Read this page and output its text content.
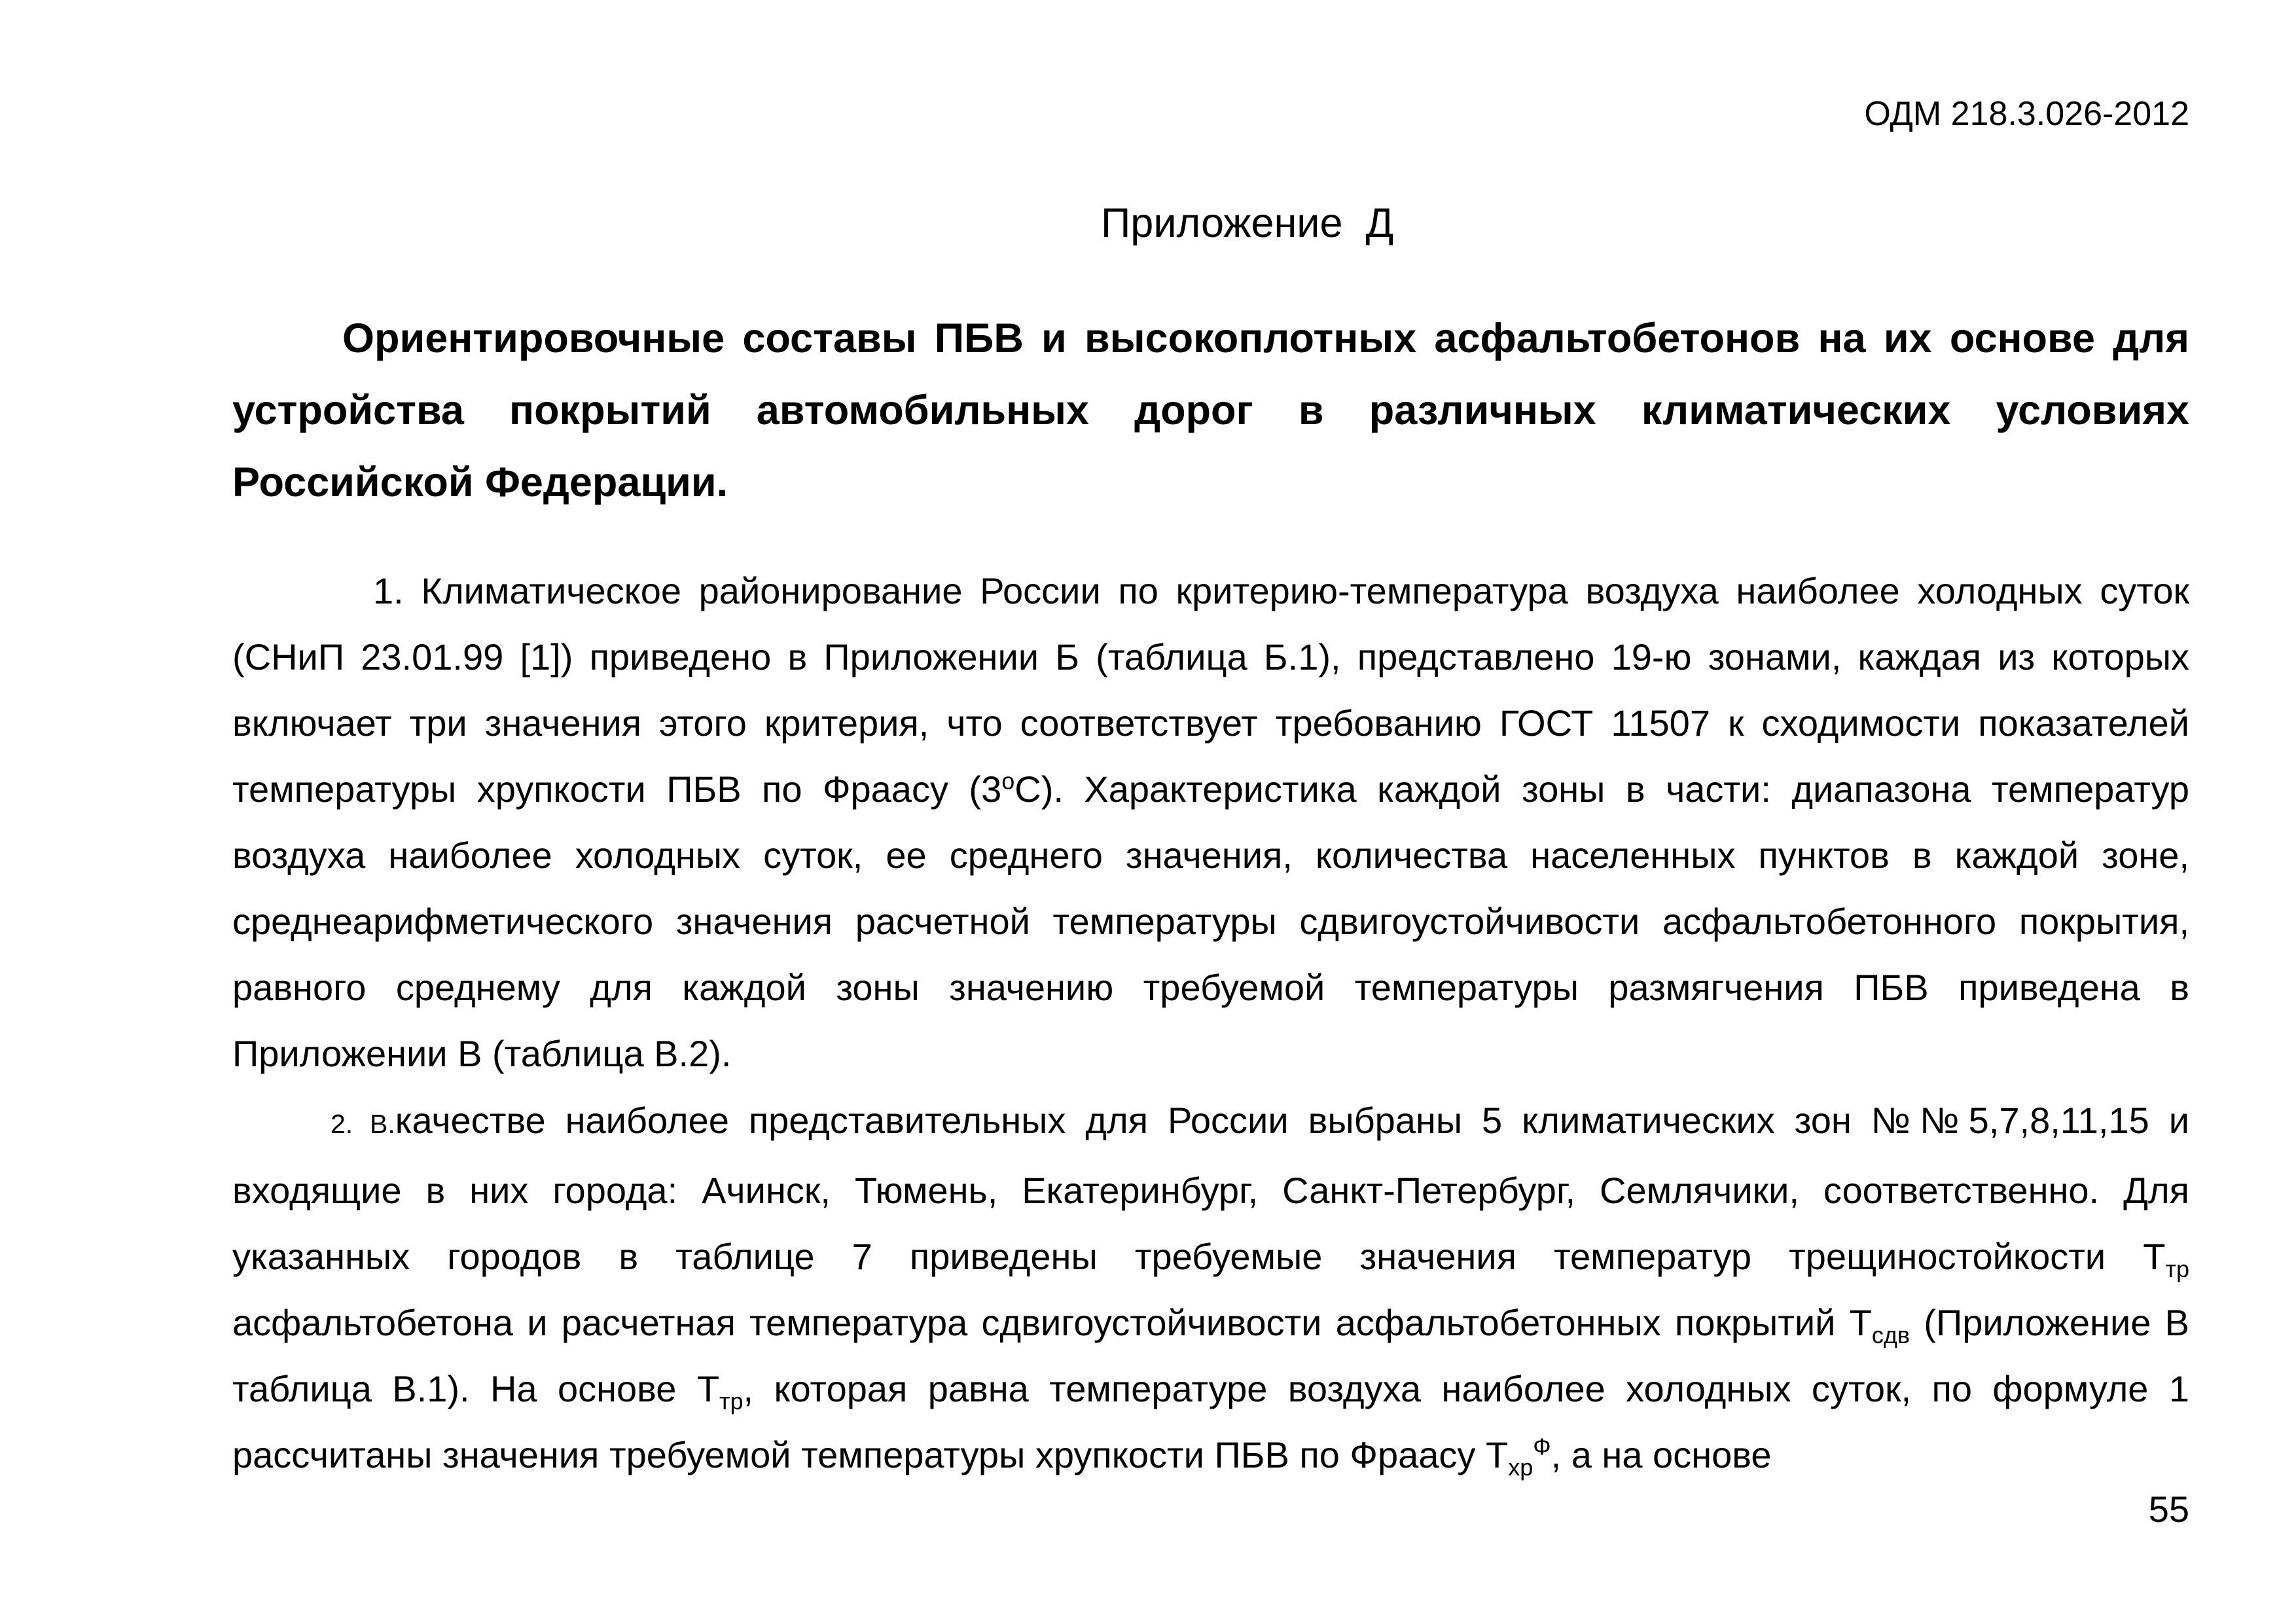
ОДМ 218.3.026-2012
Приложение  Д

Ориентировочные составы ПБВ и высокоплотных асфальтобетонов на их основе для устройства покрытий автомобильных дорог в различных климатических условиях Российской Федерации.

1. Климатическое районирование России по критерию-температура воздуха наиболее холодных суток (СНиП 23.01.99 [1]) приведено в Приложении Б (таблица Б.1), представлено 19-ю зонами, каждая из которых включает три значения этого критерия, что соответствует требованию ГОСТ 11507 к сходимости показателей температуры хрупкости ПБВ по Фраасу $(3^оС)$. Характеристика каждой зоны в части: диапазона температур воздуха наиболее холодных суток, ее среднего значения, количества населенных пунктов в каждой зоне, среднеарифметического значения расчетной температуры сдвигоустойчивости асфальтобетонного покрытия, равного среднему для каждой зоны значению требуемой температуры размягчения ПБВ приведена в Приложении В (таблица В.2).

2. В.качестве наиболее представительных для России выбраны 5 климатических зон №№5,7,8,11,15 и входящие в них города: Ачинск, Тюмень, Екатеринбург, Санкт-Петербург, Семлячики, соответственно. Для указанных городов в таблице 7 приведены требуемые значения температур трещиностойкости $Т_{тр}$ асфальтобетона и расчетная температура сдвигоустойчивости асфальтобетонных покрытий $Т_{сдв}$ (Приложение В таблица В.1). На основе $Т_{тр}$, которая равна температуре воздуха наиболее холодных суток, по формуле 1 рассчитаны значения требуемой температуры хрупкости ПБВ по Фраасу $Т_{хр}^Ф$, а на основе

55
